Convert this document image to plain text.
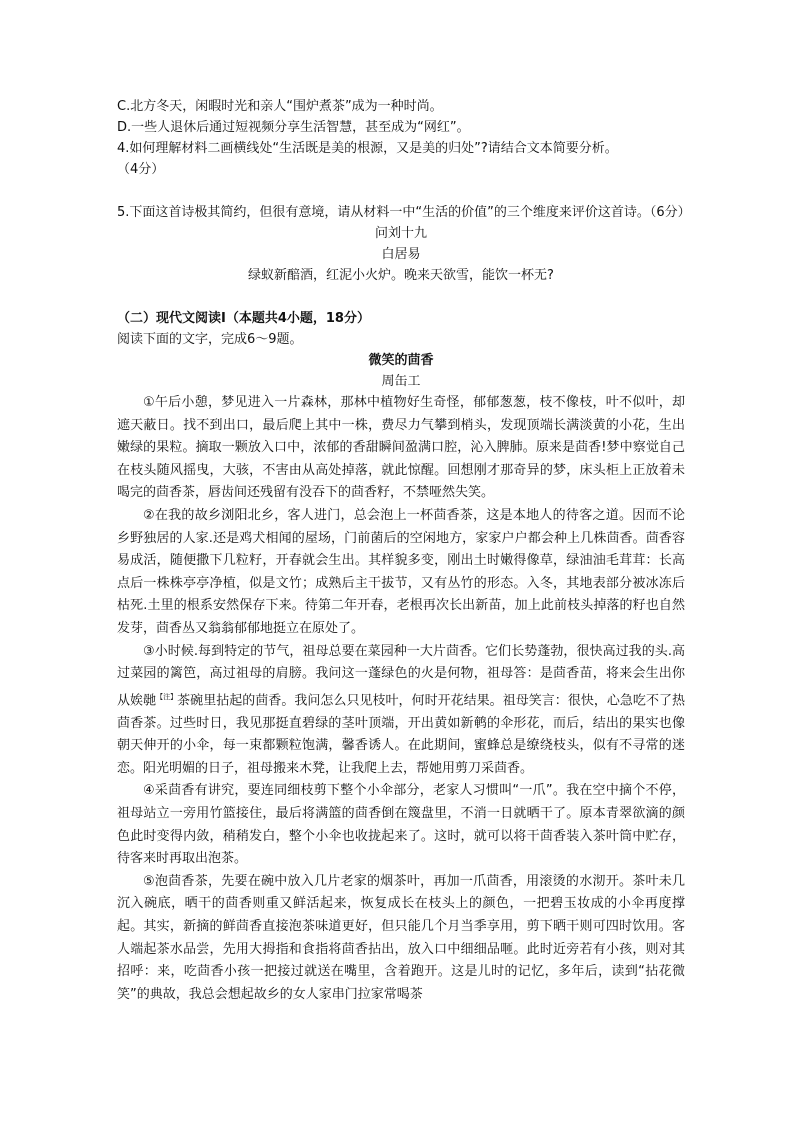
C.北方冬天，闲暇时光和亲人“围炉煮茶”成为一种时尚。

D.一些人退休后通过短视频分享生活智慧，甚至成为“网红”。

4.如何理解材料二画横线处“生活既是美的根源，又是美的归处”?请结合文本简要分析。
（4分）

5.下面这首诗极其简约，但很有意境，请从材料一中“生活的价值”的三个维度来评价这首诗。（6分）

问刘十九

白居易

绿蚁新醅酒，红泥小火炉。晚来天欲雪，能饮一杯无?

（二）现代文阅读Ⅰ（本题共4小题，18分）

阅读下面的文字，完成6～9题。

微笑的茴香

周缶工

①午后小憩，梦见进入一片森林，那林中植物好生奇怪，郁郁葱葱，枝不像枝，叶不似叶，却遮天蔽日。找不到出口，最后爬上其中一株，费尽力气攀到梢头，发现顶端长满淡黄的小花，生出嫩绿的果粒。摘取一颗放入口中，浓郁的香甜瞬间盈满口腔，沁入脾肺。原来是茴香!梦中察觉自己在枝头随风摇曳，大骇，不害由从高处掉落，就此惊醒。回想刚才那奇异的梦，床头柜上正放着未喝完的茴香茶，唇齿间还残留有没吞下的茴香籽，不禁哑然失笑。

②在我的故乡浏阳北乡，客人进门，总会泡上一杯茴香茶，这是本地人的待客之道。因而不论乡野独居的人家.还是鸡犬相闻的屋场，门前菌后的空闲地方，家家户户都会种上几株茴香。茴香容易成活，随便撒下几粒籽，开春就会生出。其样貌多变，刚出土时嫩得像草，绿油油毛茸茸：长高点后一株株亭亭净植，似是文竹；成熟后主干拔节，又有丛竹的形态。入冬，其地表部分被冰冻后枯死.土里的根系安然保存下来。待第二年开春，老根再次长出新苗，加上此前枝头掉落的籽也自然发芽，茴香丛又翁翁郁郁地挺立在原处了。

③小时候.每到特定的节气，祖母总要在菜园种一大片茴香。它们长势蓬勃，很快高过我的头.高过菜园的篱笆，高过祖母的肩膀。我问这一蓬绿色的火是何物，祖母答：是茴香苗，将来会生出你从娭毑$^{【注】}$茶碗里拈起的茴香。我问怎么只见枝叶，何时开花结果。祖母笑言：很快，心急吃不了热茴香茶。过些时日，我见那挺直碧绿的茎叶顶端，开出黄如新鹌的伞形花，而后，结出的果实也像朝天伸开的小伞，每一束都颗粒饱满，馨香诱人。在此期间，蜜蜂总是缭绕枝头，似有不寻常的迷恋。阳光明媚的日子，祖母搬来木凳，让我爬上去，帮她用剪刀采茴香。

④采茴香有讲究，要连同细枝剪下整个小伞部分，老家人习惯叫“一爪”。我在空中摘个不停，祖母站立一旁用竹篮接住，最后将满篮的茴香倒在篾盘里，不消一日就晒干了。原本青翠欲滴的颜色此时变得内敛，稍稍发白，整个小伞也收拢起来了。这时，就可以将干茴香装入茶叶筒中贮存，待客来时再取出泡茶。

⑤泡茴香茶，先要在碗中放入几片老家的烟茶叶，再加一爪茴香，用滚烫的水沏开。茶叶未几沉入碗底，晒干的茴香则重又鲜活起来，恢复成长在枝头上的颜色，一把碧玉妆成的小伞再度撑起。其实，新摘的鲜茴香直接泡茶味道更好，但只能几个月当季享用，剪下晒干则可四时饮用。客人端起茶水品尝，先用大拇指和食指将茴香拈出，放入口中细细品咂。此时近旁若有小孩，则对其招呼：来，吃茴香小孩一把接过就送在嘴里，含着跑开。这是儿时的记忆，多年后，读到“拈花微笑”的典故，我总会想起故乡的女人家串门拉家常喝茶
